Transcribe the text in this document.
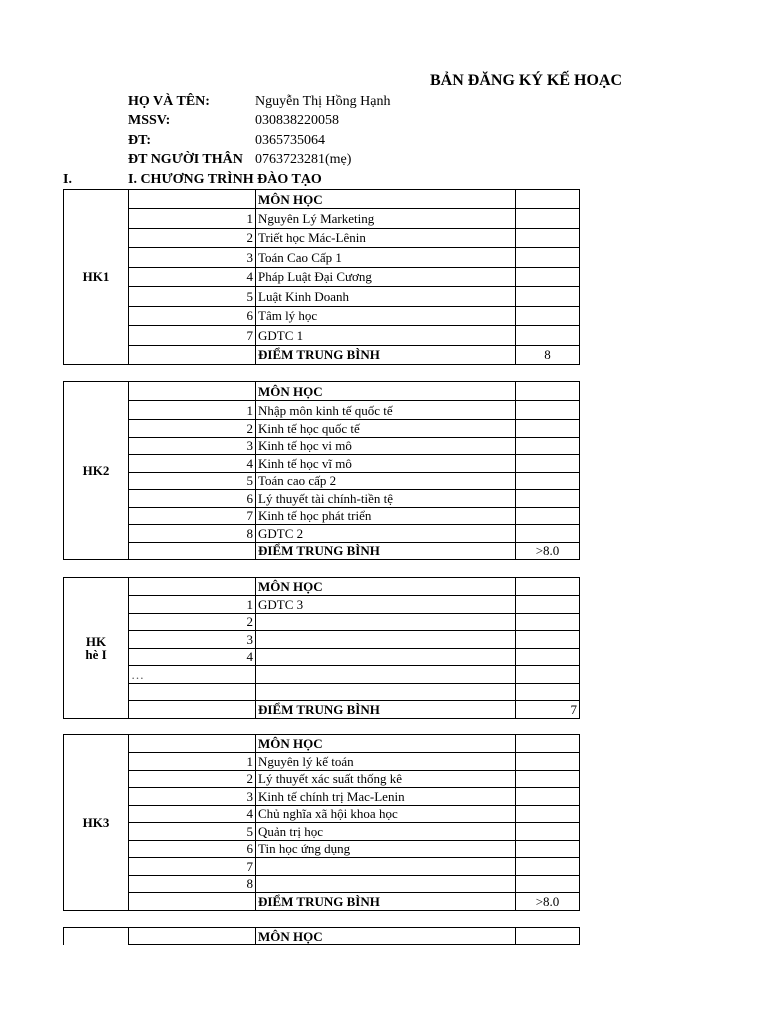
BẢN ĐĂNG KÝ KẾ HOẠC
HỌ VÀ TÊN:	Nguyễn Thị Hồng Hạnh
MSSV:	030838220058
ĐT:	0365735064
ĐT NGƯỜI THÂN 0763723281(mẹ)
I.	I. CHƯƠNG TRÌNH ĐÀO TẠO
HK1		MÔN HỌC	
	1	Nguyên Lý Marketing	
	2	Triết học Mác-Lênin	
	3	Toán Cao Cấp 1	
	4	Pháp Luật Đại Cương	
	5	Luật Kinh Doanh	
	6	Tâm lý học	
	7	GDTC 1	
		ĐIỂM TRUNG BÌNH	8
HK2		MÔN HỌC	
	1	Nhập môn kinh tế quốc tế	
	2	Kinh tế học quốc tế	
	3	Kinh tế học vi mô	
	4	Kinh tế học vĩ mô	
	5	Toán cao cấp 2	
	6	Lý thuyết tài chính-tiền tệ	
	7	Kinh tế học phát triển	
	8	GDTC 2	
		ĐIỂM TRUNG BÌNH	>8.0
HK
hè I		MÔN HỌC	
	1	GDTC 3	
	2		
	3		
	4		
	…		

		ĐIỂM TRUNG BÌNH	7
HK3		MÔN HỌC	
	1	Nguyên lý kế toán	
	2	Lý thuyết xác suất thống kê	
	3	Kinh tế chính trị Mac-Lenin	
	4	Chủ nghĩa xã hội khoa học	
	5	Quản trị học	
	6	Tin học ứng dụng	
	7		
	8		
		ĐIỂM TRUNG BÌNH	>8.0
		MÔN HỌC	
